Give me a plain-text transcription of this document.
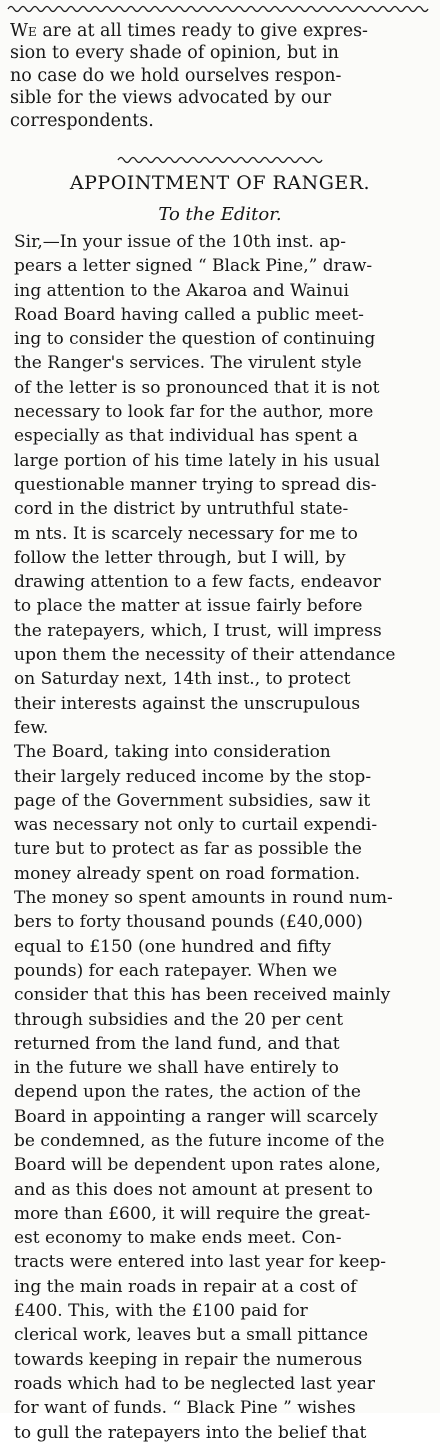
We are at all times ready to give expres-
sion to every shade of opinion, but in
no case do we hold ourselves respon-
sible for the views advocated by our
correspondents.
APPOINTMENT OF RANGER.
To the Editor.
Sir,—In your issue of the 10th inst. ap-
pears a letter signed “ Black Pine,” draw-
ing attention to the Akaroa and Wainui
Road Board having called a public meet-
ing to consider the question of continuing
the Ranger's services. The virulent style
of the letter is so pronounced that it is not
necessary to look far for the author, more
especially as that individual has spent a
large portion of his time lately in his usual
questionable manner trying to spread dis-
cord in the district by untruthful state-
m nts. It is scarcely necessary for me to
follow the letter through, but I will, by
drawing attention to a few facts, endeavor
to place the matter at issue fairly before
the ratepayers, which, I trust, will impress
upon them the necessity of their attendance
on Saturday next, 14th inst., to protect
their interests against the unscrupulous
few.
The Board, taking into consideration
their largely reduced income by the stop-
page of the Government subsidies, saw it
was necessary not only to curtail expendi-
ture but to protect as far as possible the
money already spent on road formation.
The money so spent amounts in round num-
bers to forty thousand pounds (£40,000)
equal to £150 (one hundred and fifty
pounds) for each ratepayer. When we
consider that this has been received mainly
through subsidies and the 20 per cent
returned from the land fund, and that
in the future we shall have entirely to
depend upon the rates, the action of the
Board in appointing a ranger will scarcely
be condemned, as the future income of the
Board will be dependent upon rates alone,
and as this does not amount at present to
more than £600, it will require the great-
est economy to make ends meet. Con-
tracts were entered into last year for keep-
ing the main roads in repair at a cost of
£400. This, with the £100 paid for
clerical work, leaves but a small pittance
towards keeping in repair the numerous
roads which had to be neglected last year
for want of funds. “ Black Pine ” wishes
to gull the ratepayers into the belief that
